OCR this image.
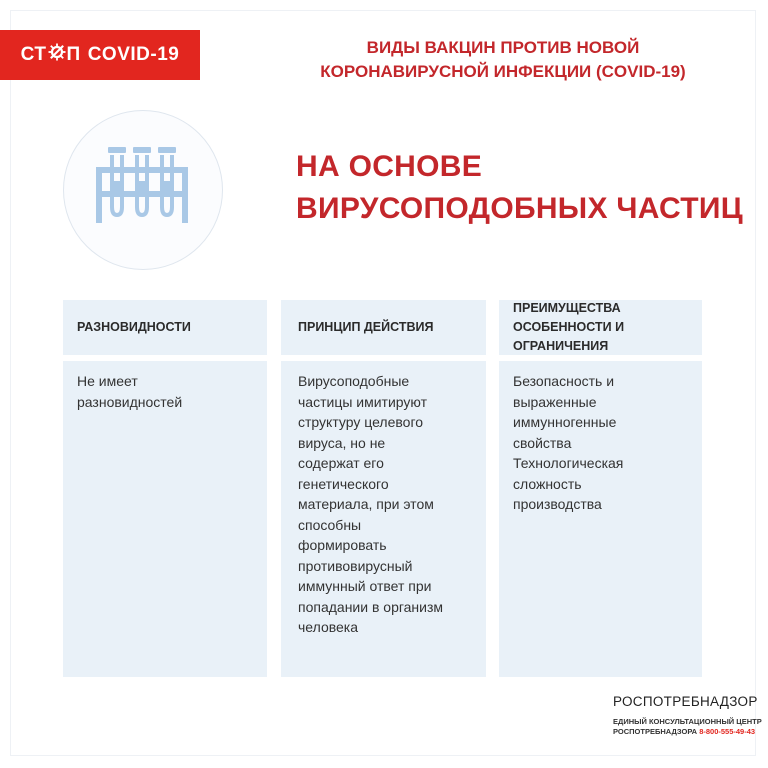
СТ П COVID-19	ВИДЫ ВАКЦИН ПРОТИВ НОВОЙ
КОРОНАВИРУСНОЙ ИНФЕКЦИИ (COVID-19)
НА ОСНОВЕ
ВИРУСОПОДОБНЫХ ЧАСТИЦ
РАЗНОВИДНОСТИ
Не имеет
разновидностей
ПРИНЦИП ДЕЙСТВИЯ
Вирусоподобные
частицы имитируют
структуру целевого
вируса, но не
содержат его
генетического
материала, при этом
способны
формировать
противовирусный
иммунный ответ при
попадании в организм
человека
ПРЕИМУЩЕСТВА
ОСОБЕННОСТИ И ОГРАНИЧЕНИЯ
Безопасность и
выраженные
иммунногенные
свойства
Технологическая
сложность
производства
РОСПОТРЕБНАДЗОР
ЕДИНЫЙ КОНСУЛЬТАЦИОННЫЙ ЦЕНТР
РОСПОТРЕБНАДЗОРА 8-800-555-49-43
